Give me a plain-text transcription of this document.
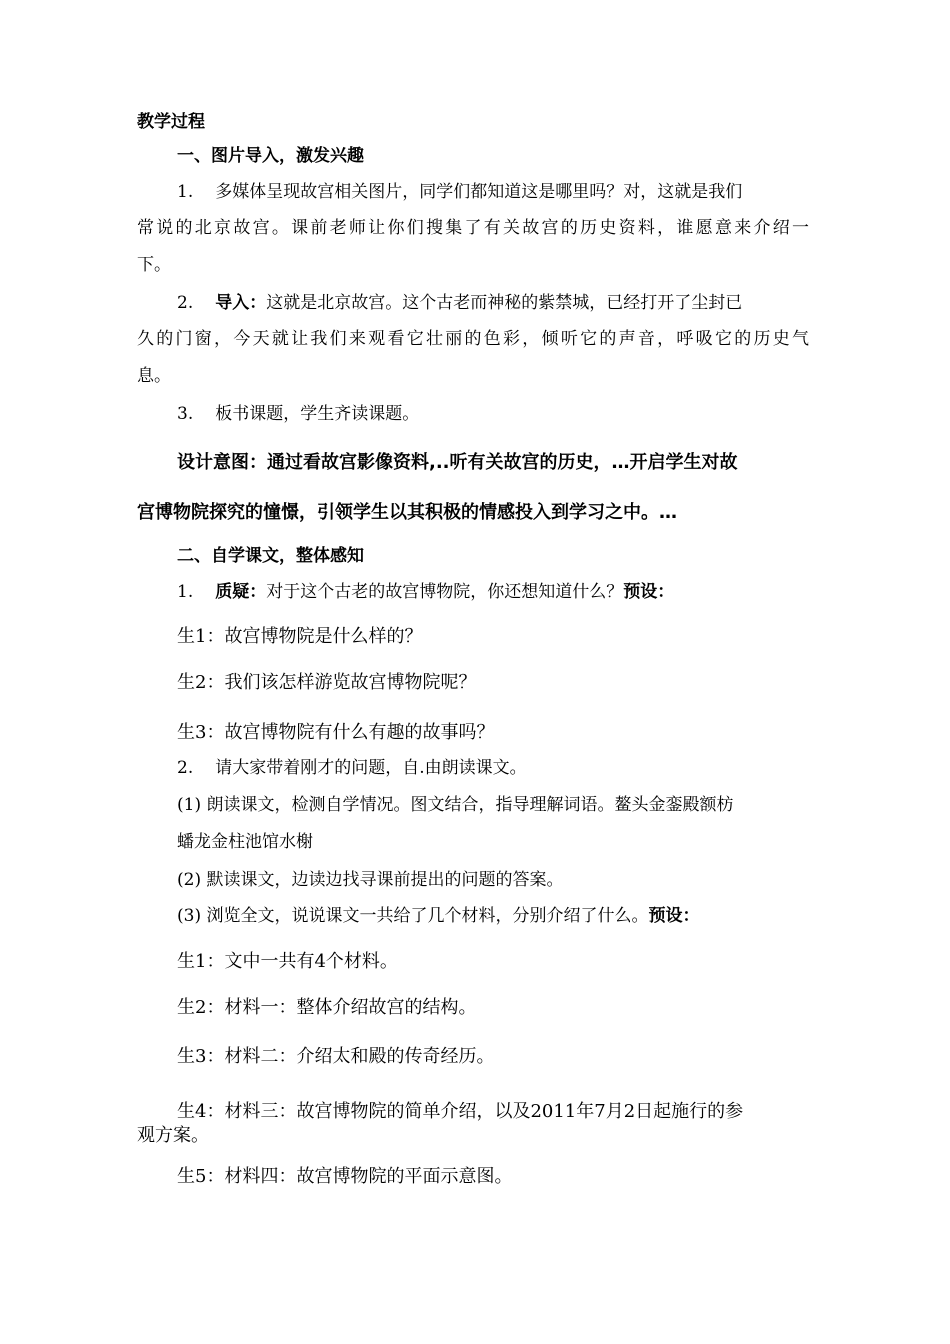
教学过程
一、图片导入，激发兴趣
1. 多媒体呈现故宫相关图片，同学们都知道这是哪里吗？对，这就是我们
常说的北京故宫。课前老师让你们搜集了有关故宫的历史资料，谁愿意来介绍一
下。
2. 导入：这就是北京故宫。这个古老而神秘的紫禁城，已经打开了尘封已
久的门窗，今天就让我们来观看它壮丽的色彩，倾听它的声音，呼吸它的历史气
息。
3. 板书课题，学生齐读课题。
设计意图：通过看故宫影像资料,..听有关故宫的历史，…开启学生对故
宫博物院探究的憧憬，引领学生以其积极的情感投入到学习之中。…
二、自学课文，整体感知
1. 质疑：对于这个古老的故宫博物院，你还想知道什么？预设：
生1：故宫博物院是什么样的？
生2：我们该怎样游览故宫博物院呢？
生3：故宫博物院有什么有趣的故事吗？
2. 请大家带着刚才的问题，自.由朗读课文。
(1) 朗读课文，检测自学情况。图文结合，指导理解词语。鳌头金銮殿额枋
蟠龙金柱池馆水榭
(2) 默读课文，边读边找寻课前提出的问题的答案。
(3) 浏览全文，说说课文一共给了几个材料，分别介绍了什么。预设：
生1：文中一共有4个材料。
生2：材料一：整体介绍故宫的结构。
生3：材料二：介绍太和殿的传奇经历。
生4：材料三：故宫博物院的简单介绍，以及2011年7月2日起施行的参
观方案。
生5：材料四：故宫博物院的平面示意图。
